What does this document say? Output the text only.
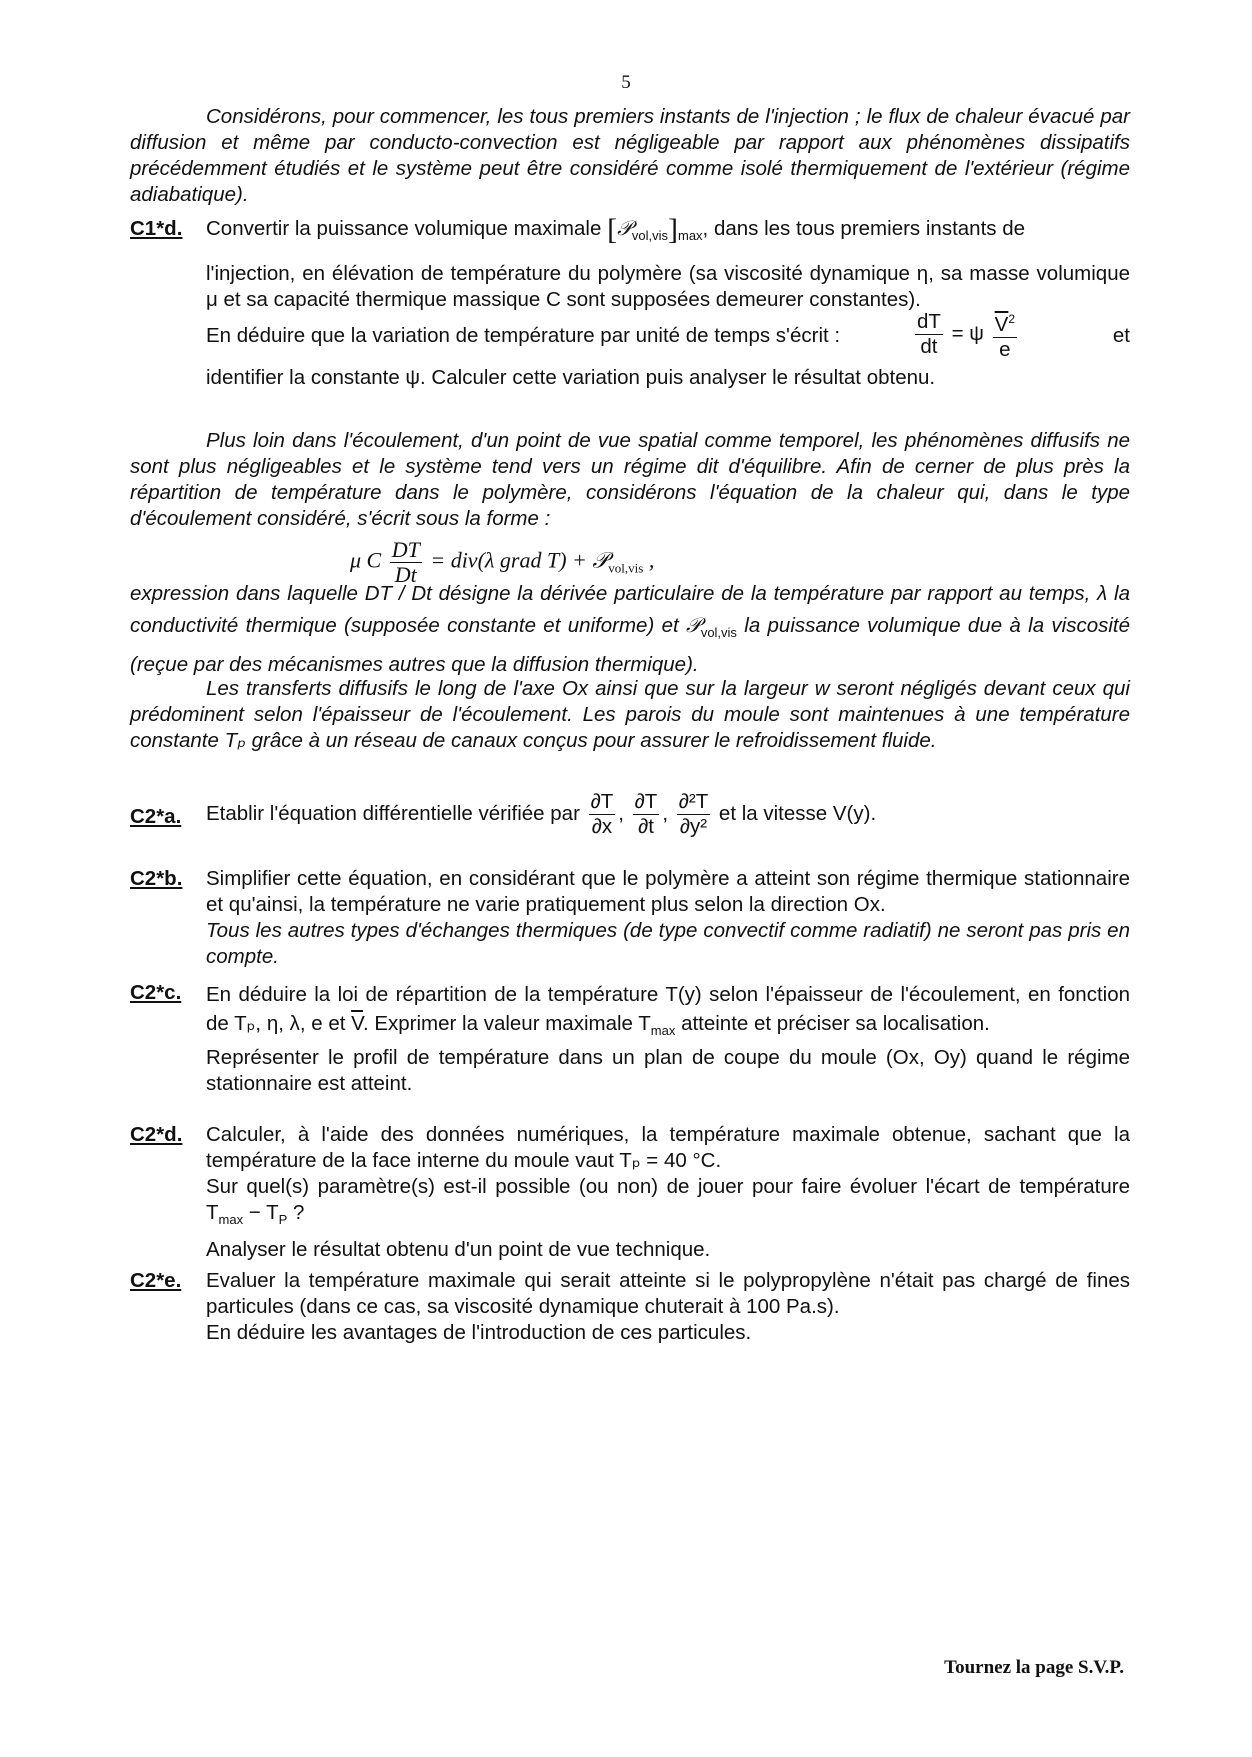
5
Considérons, pour commencer, les tous premiers instants de l'injection ; le flux de chaleur évacué par diffusion et même par conducto-convection est négligeable par rapport aux phénomènes dissipatifs précédemment étudiés et le système peut être considéré comme isolé thermiquement de l'extérieur (régime adiabatique).
C1*d. Convertir la puissance volumique maximale $[𝒫_{vol,vis}]_{max}$, dans les tous premiers instants de

l'injection, en élévation de température du polymère (sa viscosité dynamique η, sa masse volumique μ et sa capacité thermique massique C sont supposées demeurer constantes).

En déduire que la variation de température par unité de temps s'écrit :	$\frac{dT}{dt} = \psi \frac{\overline{V}^2}{e}$	et

identifier la constante ψ. Calculer cette variation puis analyser le résultat obtenu.

Plus loin dans l'écoulement, d'un point de vue spatial comme temporel, les phénomènes diffusifs ne sont plus négligeables et le système tend vers un régime dit d'équilibre. Afin de cerner de plus près la répartition de température dans le polymère, considérons l'équation de la chaleur qui, dans le type d'écoulement considéré, s'écrit sous la forme :
μ C $\frac{DT}{Dt} = div(\lambda$ grad T) + 𝒫$_{vol,vis}$ ,
expression dans laquelle DT / Dt désigne la dérivée particulaire de la température par rapport au temps, λ la conductivité thermique (supposée constante et uniforme) et 𝒫$_{vol,vis}$ la puissance volumique due à la viscosité (reçue par des mécanismes autres que la diffusion thermique).
Les transferts diffusifs le long de l'axe Ox ainsi que sur la largeur w seront négligés devant ceux qui prédominent selon l'épaisseur de l'écoulement. Les parois du moule sont maintenues à une température constante Tₚ grâce à un réseau de canaux conçus pour assurer le refroidissement fluide.
C2*a. Etablir l'équation différentielle vérifiée par $\frac{\partial T}{\partial x}$ , $\frac{\partial T}{\partial t}$ , $\frac{\text{∂²T}}{\text{∂y²}}$ et la vitesse V(y).
C2*b. Simplifier cette équation, en considérant que le polymère a atteint son régime thermique stationnaire et qu'ainsi, la température ne varie pratiquement plus selon la direction Ox.

Tous les autres types d'échanges thermiques (de type convectif comme radiatif) ne seront pas pris en compte.

C2*c. En déduire la loi de répartition de la température T(y) selon l'épaisseur de l'écoulement, en fonction de Tₚ, η, λ, e et $\overline{V}$. Exprimer la valeur maximale $T_{max}$ atteinte et préciser sa localisation.

Représenter le profil de température dans un plan de coupe du moule (Ox, Oy) quand le régime stationnaire est atteint.

C2*d. Calculer, à l'aide des données numériques, la température maximale obtenue, sachant que la température de la face interne du moule vaut Tₚ = 40 °C.

Sur quel(s) paramètre(s) est-il possible (ou non) de jouer pour faire évoluer l'écart de température $T_{max} - T_P$ ?

Analyser le résultat obtenu d'un point de vue technique.

C2*e. Evaluer la température maximale qui serait atteinte si le polypropylène n'était pas chargé de fines particules (dans ce cas, sa viscosité dynamique chuterait à 100 Pa.s).

En déduire les avantages de l'introduction de ces particules.

Tournez la page S.V.P.
